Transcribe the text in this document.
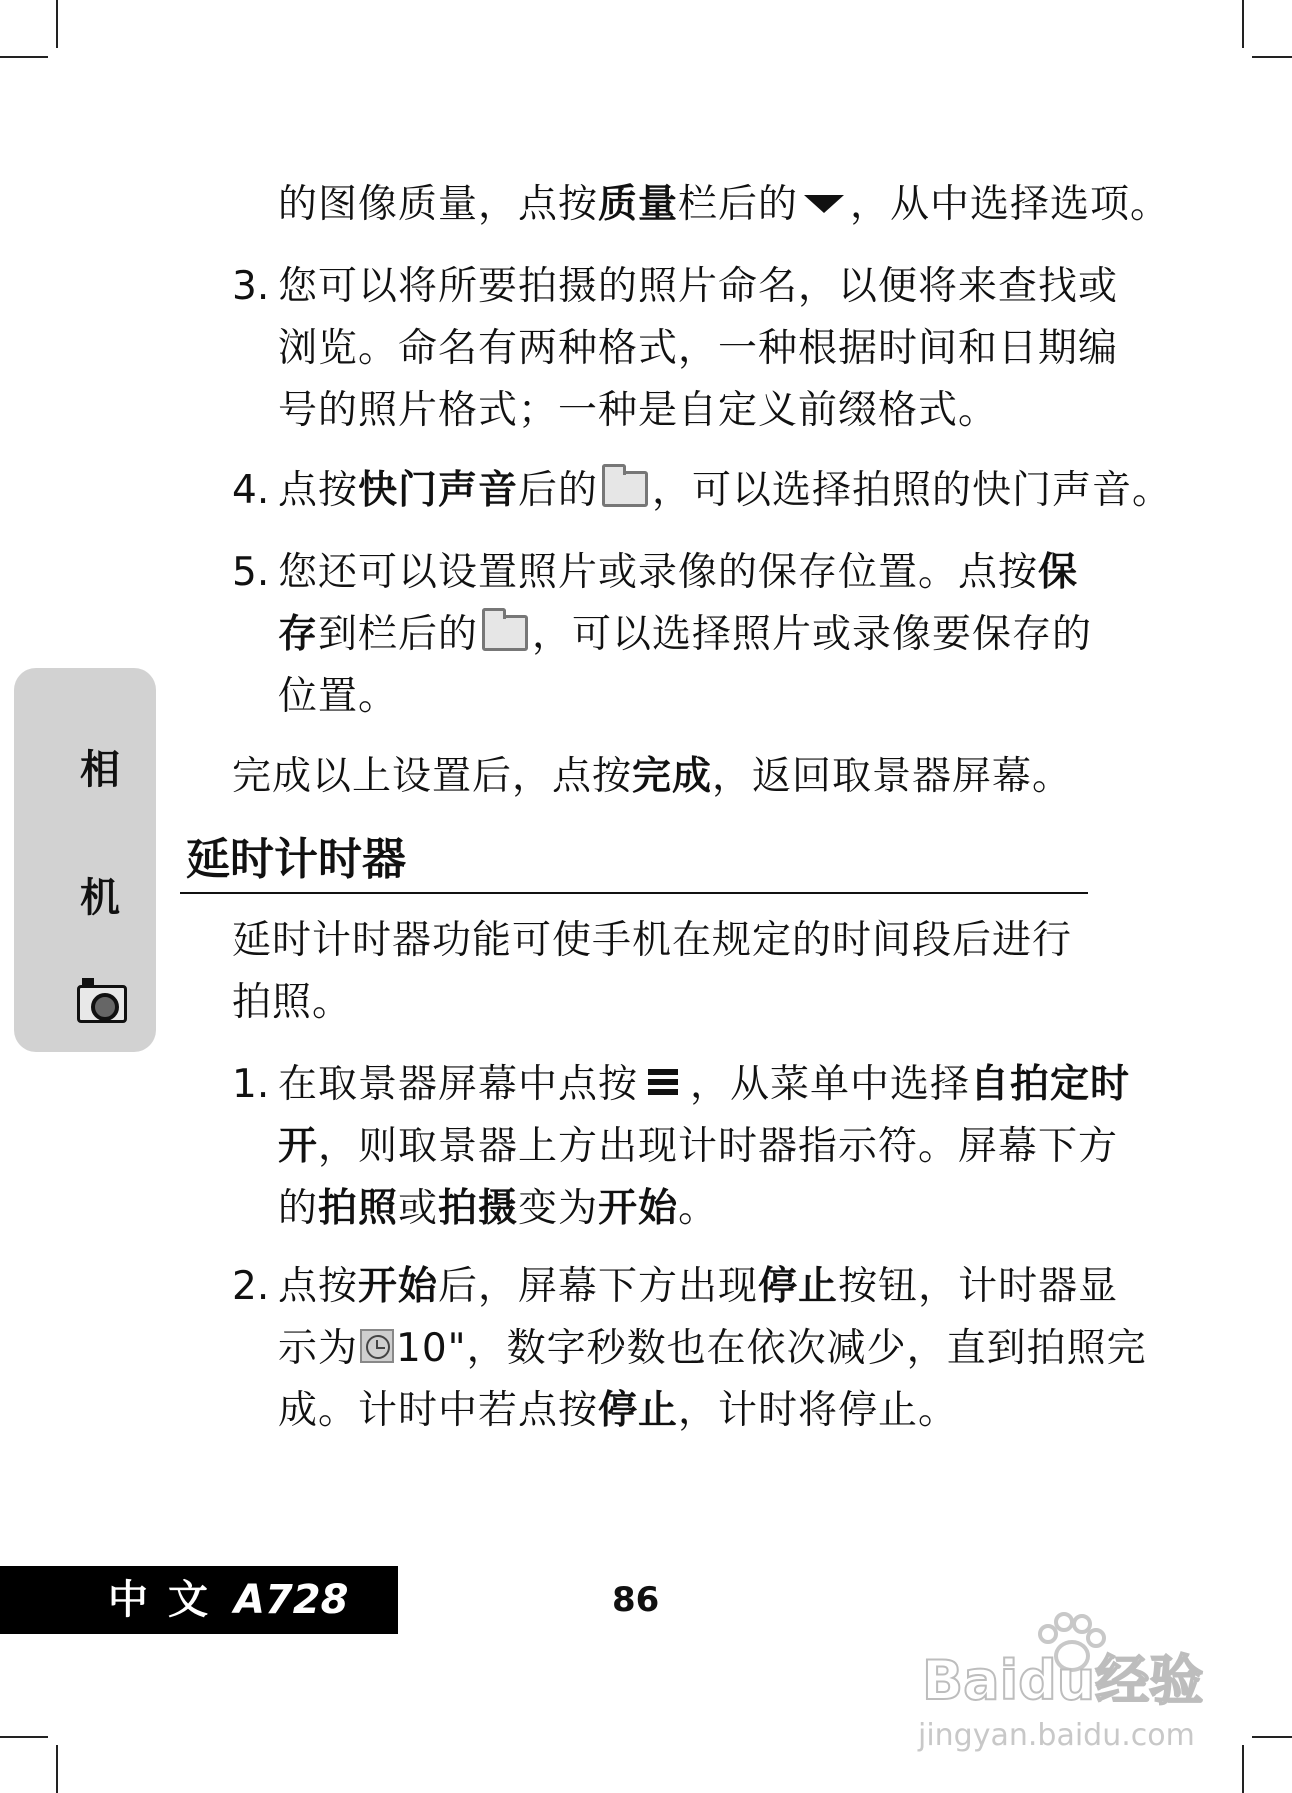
的图像质量，点按质量栏后的 ，从中选择选项。
3. 您可以将所要拍摄的照片命名，以便将来查找或
浏览。命名有两种格式，一种根据时间和日期编
号的照片格式；一种是自定义前缀格式。
4. 点按快门声音后的 ，可以选择拍照的快门声音。
5. 您还可以设置照片或录像的保存位置。点按保
存到栏后的 ，可以选择照片或录像要保存的
位置。
完成以上设置后，点按完成，返回取景器屏幕。
延时计时器
延时计时器功能可使手机在规定的时间段后进行
拍照。
1. 在取景器屏幕中点按 ，从菜单中选择自拍定时
开，则取景器上方出现计时器指示符。屏幕下方
的拍照或拍摄变为开始。
2. 点按开始后，屏幕下方出现停止按钮，计时器显
示为 10"，数字秒数也在依次减少，直到拍照完
成。计时中若点按停止，计时将停止。
相
机
中文 A728	86
Baidu经验
jingyan.baidu.com
